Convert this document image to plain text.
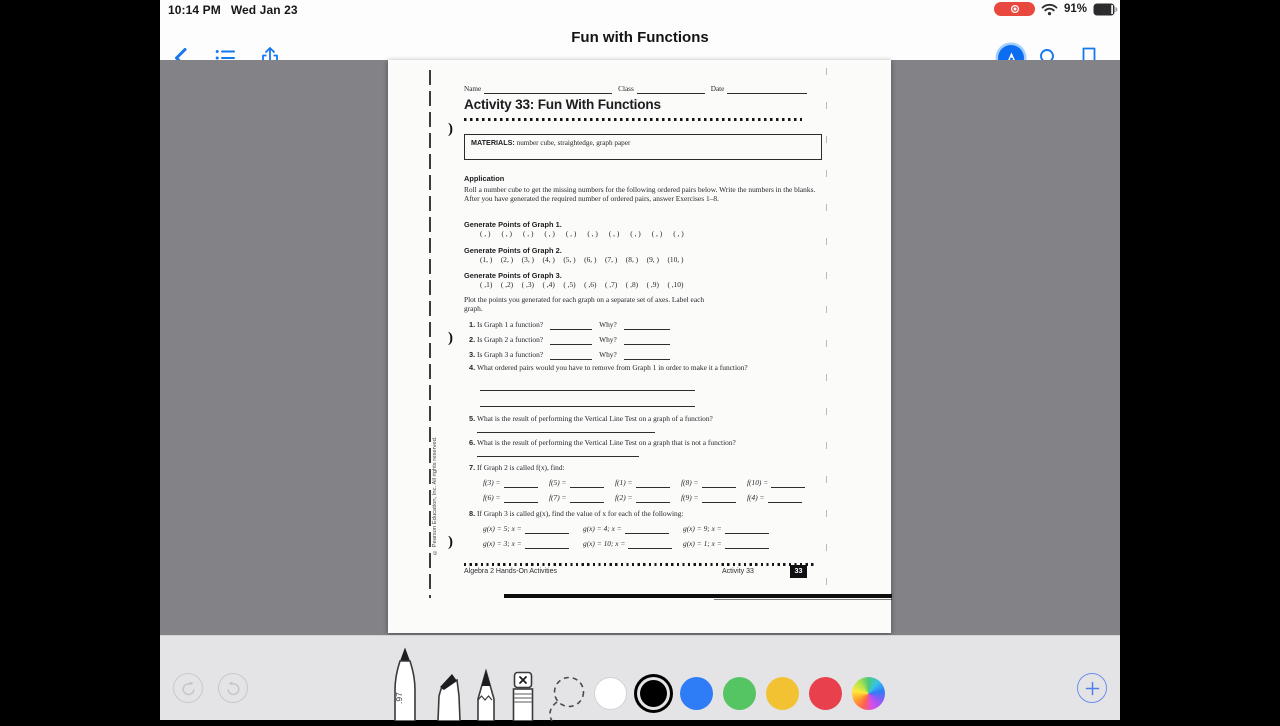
10:14 PM Wed Jan 23	91%
Fun with Functions
)
)
)
© Pearson Education, Inc. All rights reserved.
Name	Class	Date
Activity 33: Fun With Functions
MATERIALS: number cube, straightedge, graph paper
Application
Roll a number cube to get the missing numbers for the following ordered pairs below. Write the numbers in the blanks. After you have generated the required number of ordered pairs, answer Exercises 1–8.
Generate Points of Graph 1.
( , ) ( , ) ( , ) ( , ) ( , ) ( , ) ( , ) ( , ) ( , ) ( , )
Generate Points of Graph 2.
(1, ) (2, ) (3, ) (4, ) (5, ) (6, ) (7, ) (8, ) (9, ) (10, )
Generate Points of Graph 3.
( ,1) ( ,2) ( ,3) ( ,4) ( ,5) ( ,6) ( ,7) ( ,8) ( ,9) ( ,10)
Plot the points you generated for each graph on a separate set of axes. Label each graph.
1. Is Graph 1 a function?	Why?
2. Is Graph 2 a function?	Why?
3. Is Graph 3 a function?	Why?
4. What ordered pairs would you have to remove from Graph 1 in order to make it a function?
5. What is the result of performing the Vertical Line Test on a graph of a function?
6. What is the result of performing the Vertical Line Test on a graph that is not a function?
7. If Graph 2 is called f(x), find:
f(3) =	f(5) =	f(1) =	f(8) =	f(10) =
f(6) =	f(7) =	f(2) =	f(9) =	f(4) =
8. If Graph 3 is called g(x), find the value of x for each of the following:
g(x) = 5; x =	g(x) = 4; x =	g(x) = 9; x =
g(x) = 3; x =	g(x) = 10; x =	g(x) = 1; x =
Algebra 2 Hands-On Activities	Activity 33	33
.97
